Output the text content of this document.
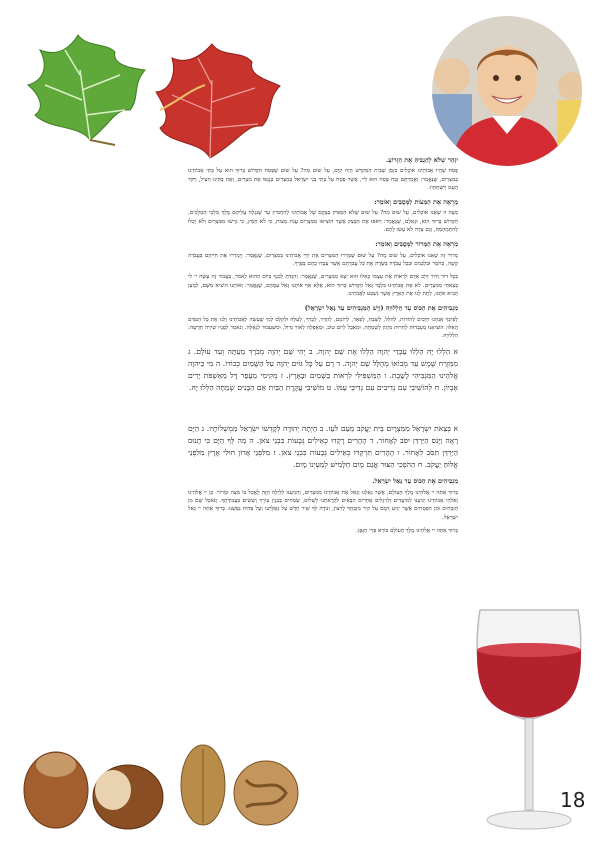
יִזָּהֵר שֶׁלֹּא לְהַגְבִּיהַּ אֶת הַזְּרוֹעַ.

פֶּסַח שֶׁהָיוּ אֲבוֹתֵינוּ אוֹכְלִים בִּזְמַן שֶׁבֵּית הַמִּקְדָּשׁ הָיָה קַיָּם, עַל שׁוּם מָה? עַל שׁוּם שֶׁפָּסַח הַקָּדוֹשׁ בָּרוּךְ הוּא עַל בָּתֵּי אֲבוֹתֵינוּ בְּמִצְרַיִם, שֶׁנֶּאֱמַר: וַאֲמַרְתֶּם זֶבַח פֶּסַח הוּא לַיי, אֲשֶׁר פָּסַח עַל בָּתֵּי בְנֵי יִשְׂרָאֵל בְּמִצְרַיִם בְּנָגְפּוֹ אֶת מִצְרַיִם, וְאֶת בָּתֵּינוּ הִצִּיל, וַיִּקֹּד הָעָם וַיִּשְׁתַּחֲווּ.

מַרְאֶה אֶת הַמַּצּוֹת לַמְּסֻבִּים וְאוֹמֵר:

מַצָּה זוֹ שֶׁאָנוּ אוֹכְלִים, עַל שׁוּם מָה? עַל שׁוּם שֶׁלֹּא הִסְפִּיק בְּצֵקָם שֶׁל אֲבוֹתֵינוּ לְהַחֲמִיץ עַד שֶׁנִּגְלָה עֲלֵיהֶם מֶלֶךְ מַלְכֵי הַמְּלָכִים, הַקָּדוֹשׁ בָּרוּךְ הוּא, וּגְאָלָם, שֶׁנֶּאֱמַר: וַיֹּאפוּ אֶת הַבָּצֵק אֲשֶׁר הוֹצִיאוּ מִמִּצְרַיִם עֻגֹת מַצּוֹת, כִּי לֹא חָמֵץ, כִּי גֹרְשׁוּ מִמִּצְרַיִם וְלֹא יָכְלוּ לְהִתְמַהְמֵהַּ, וְגַם צֵדָה לֹא עָשׂוּ לָהֶם.

מַרְאֶה אֶת הַמָּרוֹר לַמְּסֻבִּים וְאוֹמֵר:

מָרוֹר זֶה שֶׁאָנוּ אוֹכְלִים, עַל שׁוּם מָה? עַל שׁוּם שֶׁמֵּרְרוּ הַמִּצְרִים אֶת חַיֵּי אֲבוֹתֵינוּ בְּמִצְרַיִם, שֶׁנֶּאֱמַר: וַיְמָרְרוּ אֶת חַיֵּיהֶם בַּעֲבֹדָה קָשָׁה, בְּחֹמֶר וּבִלְבֵנִים וּבְכָל עֲבֹדָה בַּשָּׂדֶה אֶת כָּל עֲבֹדָתָם אֲשֶׁר עָבְדוּ בָהֶם בְּפָרֶךְ.

בְּכָל דּוֹר וָדוֹר חַיָּב אָדָם לִרְאוֹת אֶת עַצְמוֹ כְּאִלּוּ הוּא יָצָא מִמִּצְרַיִם, שֶׁנֶּאֱמַר: וְהִגַּדְתָּ לְבִנְךָ בַּיּוֹם הַהוּא לֵאמֹר, בַּעֲבוּר זֶה עָשָׂה יי לִי בְּצֵאתִי מִמִּצְרָיִם. לֹא אֶת אֲבוֹתֵינוּ בִּלְבָד גָּאַל הַקָּדוֹשׁ בָּרוּךְ הוּא, אֶלָּא אַף אוֹתָנוּ גָּאַל עִמָּהֶם, שֶׁנֶּאֱמַר: וְאוֹתָנוּ הוֹצִיא מִשָּׁם, לְמַעַן הָבִיא אֹתָנוּ, לָתֶת לָנוּ אֶת הָאָרֶץ אֲשֶׁר נִשְׁבַּע לַאֲבֹתֵינוּ.

מַגְבִּיהִים אֶת הַכּוֹס עַד הַלְלוּיָהּ (וְיֵשׁ הַמַּגְבִּיהִים עַד גָּאַל יִשְׂרָאֵל)

לְפִיכָךְ אֲנַחְנוּ חַיָּבִים לְהוֹדוֹת, לְהַלֵּל, לְשַׁבֵּחַ, לְפָאֵר, לְרוֹמֵם, לְהַדֵּר, לְבָרֵךְ, לְעַלֵּה וּלְקַלֵּס לְמִי שֶׁעָשָׂה לַאֲבוֹתֵינוּ וְלָנוּ אֶת כָּל הַנִּסִּים הָאֵלּוּ: הוֹצִיאָנוּ מֵעַבְדוּת לְחֵרוּת מִיָּגוֹן לְשִׂמְחָה, וּמֵאֵבֶל לְיוֹם טוֹב, וּמֵאֲפֵלָה לְאוֹר גָּדוֹל, וּמִשִּׁעְבּוּד לִגְאֻלָּה. וְנֹאמַר לְפָנָיו שִׁירָה חֲדָשָׁה: הַלְלוּיָהּ.

א הַלְלוּ יָהּ הַלְלוּ עַבְדֵי יְהוָה הַלְלוּ אֶת שֵׁם יְהוָה. ב יְהִי שֵׁם יְהוָה מְבֹרָךְ מֵעַתָּה וְעַד עוֹלָם. ג מִמִּזְרַח שֶׁמֶשׁ עַד מְבוֹאוֹ מְהֻלָּל שֵׁם יְהוָה. ד רָם עַל כָּל גּוֹיִם יְהוָה עַל הַשָּׁמַיִם כְּבוֹדוֹ. ה מִי כַּיהוָה אֱלֹהֵינוּ הַמַּגְבִּיהִי לָשָׁבֶת. ו הַמַּשְׁפִּילִי לִרְאוֹת בַּשָּׁמַיִם וּבָאָרֶץ. ז מְקִימִי מֵעָפָר דָּל מֵאַשְׁפֹּת יָרִים אֶבְיוֹן. ח לְהוֹשִׁיבִי עִם נְדִיבִים עִם נְדִיבֵי עַמּוֹ. ט מוֹשִׁיבִי עֲקֶרֶת הַבַּיִת אֵם הַבָּנִים שְׂמֵחָה הַלְלוּ יָהּ.

א בְּצֵאת יִשְׂרָאֵל מִמִּצְרָיִם בֵּית יַעֲקֹב מֵעַם לֹעֵז. ב הָיְתָה יְהוּדָה לְקָדְשׁוֹ יִשְׂרָאֵל מַמְשְׁלוֹתָיו. ג הַיָּם רָאָה וַיָּנֹס הַיַּרְדֵּן יִסֹּב לְאָחוֹר. ד הֶהָרִים רָקְדוּ כְאֵילִים גְּבָעוֹת כִּבְנֵי צֹאן. ה מַה לְּךָ הַיָּם כִּי תָנוּס הַיַּרְדֵּן תִּסֹּב לְאָחוֹר. ו הֶהָרִים תִּרְקְדוּ כְאֵילִים גְּבָעוֹת כִּבְנֵי צֹאן. ז מִלִּפְנֵי אָדוֹן חוּלִי אָרֶץ מִלִּפְנֵי אֱלוֹהַּ יַעֲקֹב. ח הַהֹפְכִי הַצּוּר אֲגַם מָיִם חַלָּמִישׁ לְמַעְיְנוֹ מָיִם.

מַגְבִּיהִים אֶת הַכּוֹס עַד גָּאַל יִשְׂרָאֵל.

בָּרוּךְ אַתָּה יי אֱלֹהֵינוּ מֶלֶךְ הָעוֹלָם, אֲשֶׁר גְּאָלָנוּ וְגָאַל אֶת אֲבוֹתֵינוּ מִמִּצְרַיִם, וְהִגִּיעָנוּ לַלַּיְלָה הַזֶּה לֶאֱכָל בּוֹ מַצָּה וּמָרוֹר. כֵּן יי אֱלֹהֵינוּ וֵאלֹהֵי אֲבוֹתֵינוּ יַגִּיעֵנוּ לְמוֹעֲדִים וְלִרְגָלִים אֲחֵרִים הַבָּאִים לִקְרָאתֵנוּ לְשָׁלוֹם, שְׂמֵחִים בְּבִנְיַן עִירֶךָ וְשָׂשִׂים בַּעֲבוֹדָתֶךָ. וְנֹאכַל שָׁם מִן הַזְּבָחִים וּמִן הַפְּסָחִים אֲשֶׁר יַגִּיעַ דָּמָם עַל קִיר מִזְבַּחֲךָ לְרָצוֹן, וְנוֹדֶה לְךָ שִׁיר חָדָשׁ עַל גְּאֻלָּתֵנוּ וְעַל פְּדוּת נַפְשֵׁנוּ. בָּרוּךְ אַתָּה יי גָּאַל יִשְׂרָאֵל.

בָּרוּךְ אַתָּה יי אֱלֹהֵינוּ מֶלֶךְ הָעוֹלָם בּוֹרֵא פְּרִי הַגָּפֶן.

18
